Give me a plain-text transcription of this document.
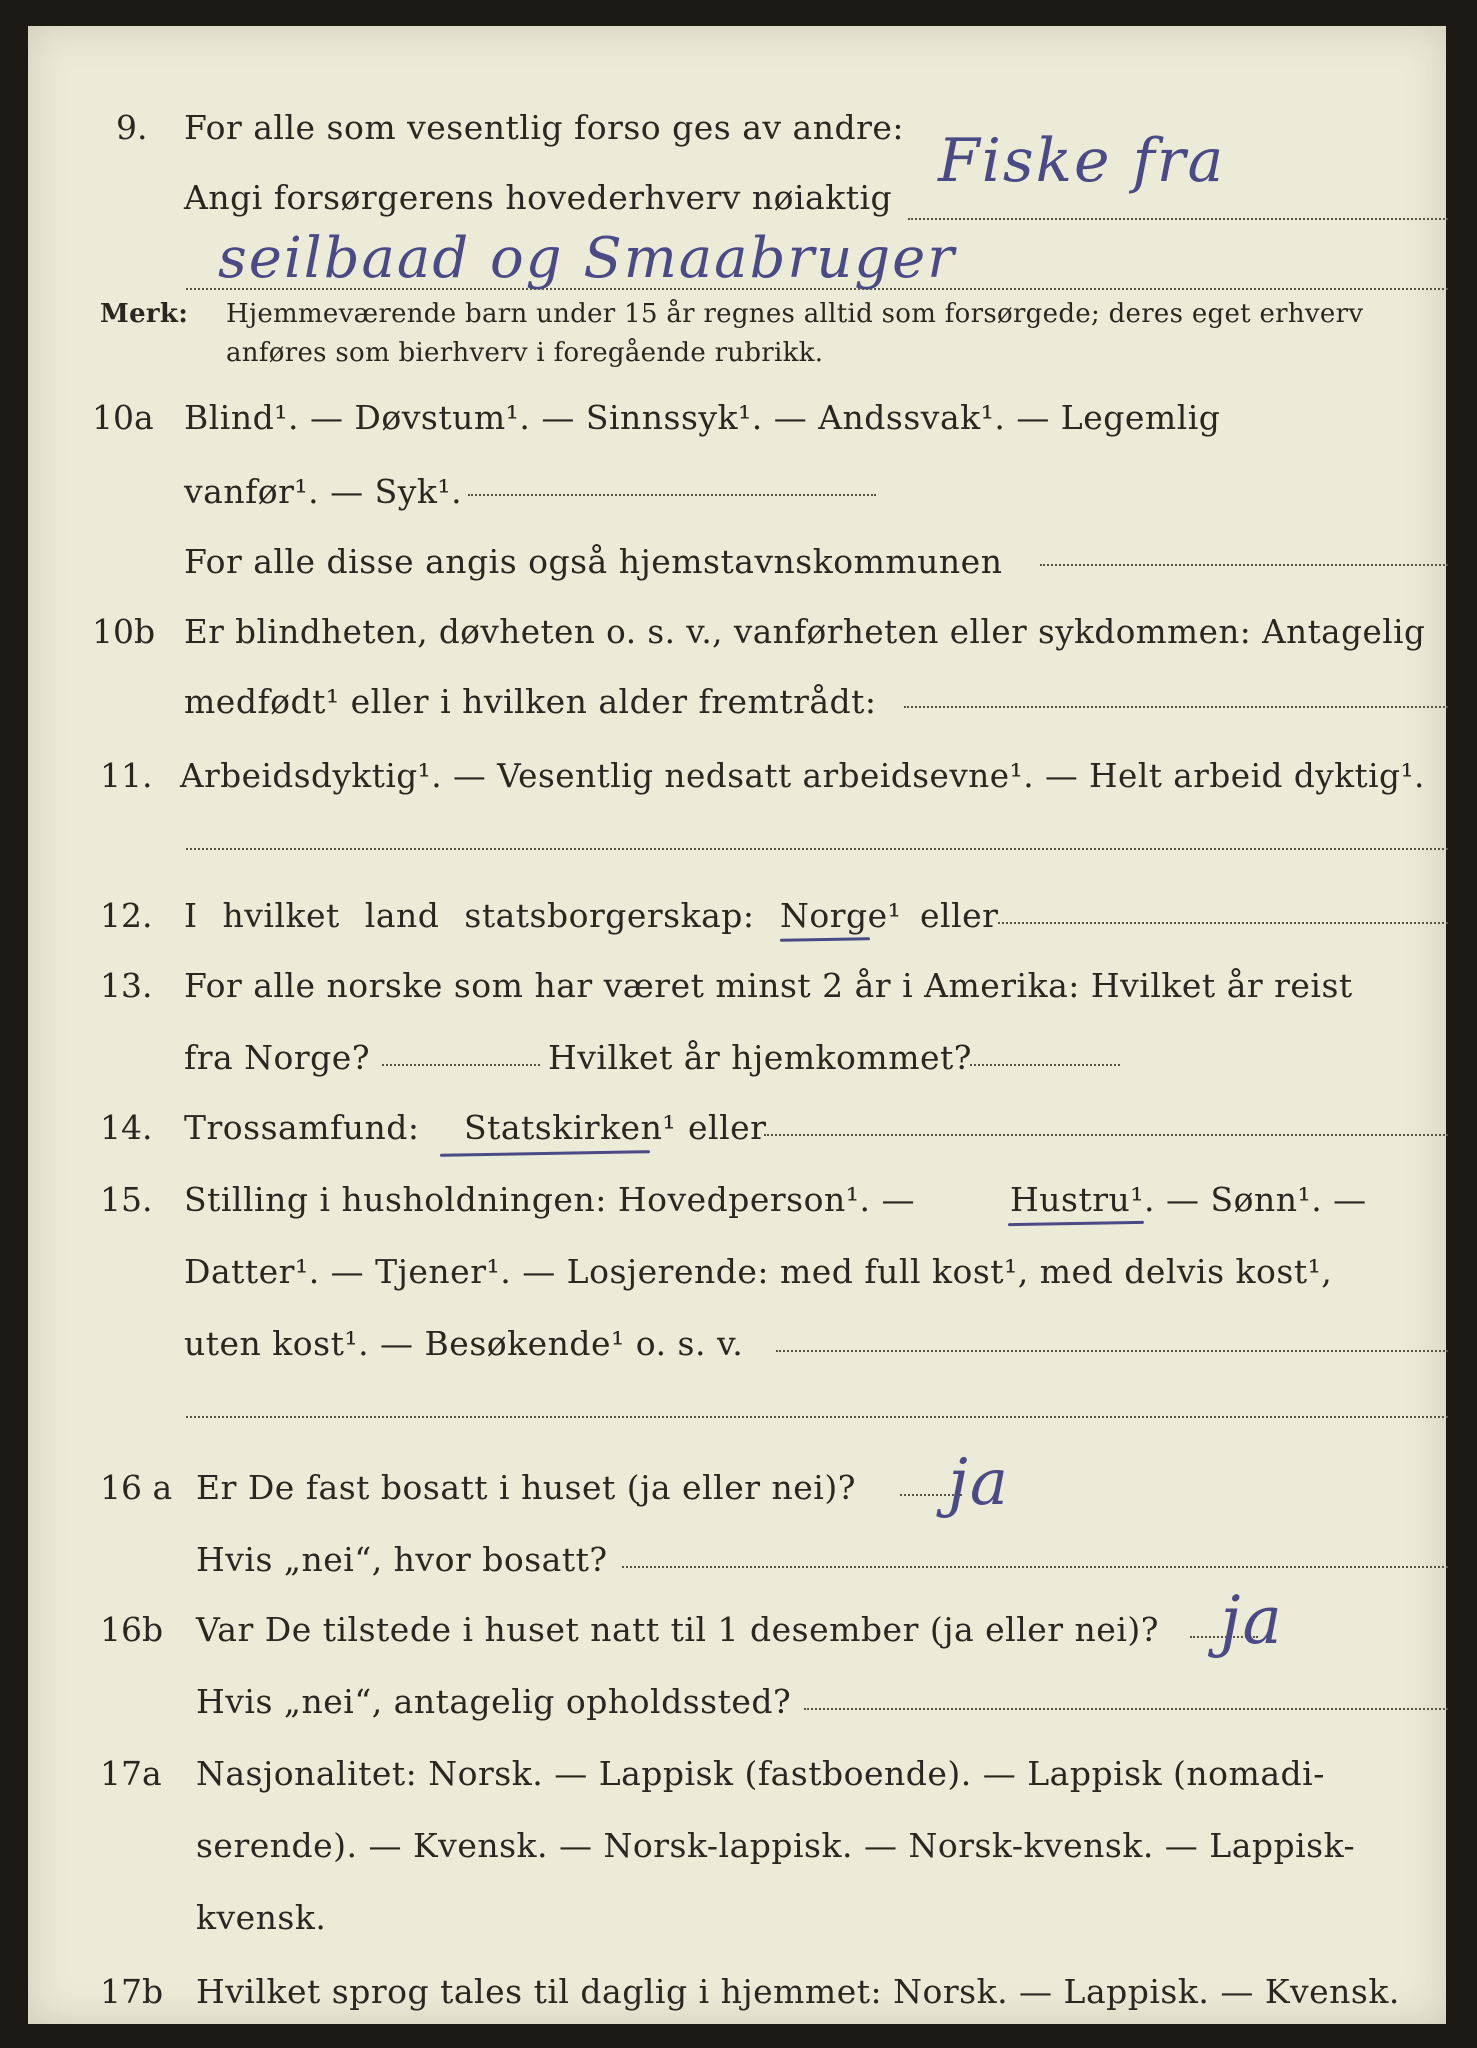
9. For alle som vesentlig forso ges av andre:
Angi forsørgerens hovederhverv nøiaktig
Fiske fra
seilbaad og Smaabruger
Merk: Hjemmeværende barn under 15 år regnes alltid som forsørgede; deres eget erhverv
anføres som bierhverv i foregående rubrikk.
10a Blind¹. — Døvstum¹. — Sinnssyk¹. — Andssvak¹. — Legemlig
vanfør¹. — Syk¹.
For alle disse angis også hjemstavnskommunen
10b Er blindheten, døvheten o. s. v., vanførheten eller sykdommen: Antagelig
medfødt¹ eller i hvilken alder fremtrådt:
11. Arbeidsdyktig¹. — Vesentlig nedsatt arbeidsevne¹. — Helt arbeid dyktig¹.
12. I hvilket land statsborgerskap: Norge¹ eller
13. For alle norske som har været minst 2 år i Amerika: Hvilket år reist
fra Norge?	Hvilket år hjemkommet?
14. Trossamfund: Statskirken¹ eller
15. Stilling i husholdningen: Hovedperson¹. —	Hustru¹. — Sønn¹. —
Datter¹. — Tjener¹. — Losjerende: med full kost¹, med delvis kost¹,
uten kost¹. — Besøkende¹ o. s. v.
16 a Er De fast bosatt i huset (ja eller nei)? ja
Hvis „nei“, hvor bosatt?
16b Var De tilstede i huset natt til 1 desember (ja eller nei)? ja
Hvis „nei“, antagelig opholdssted?
17a Nasjonalitet: Norsk. — Lappisk (fastboende). — Lappisk (nomadi-
serende). — Kvensk. — Norsk-lappisk. — Norsk-kvensk. — Lappisk-
kvensk.
17b Hvilket sprog tales til daglig i hjemmet: Norsk. — Lappisk. — Kvensk.
